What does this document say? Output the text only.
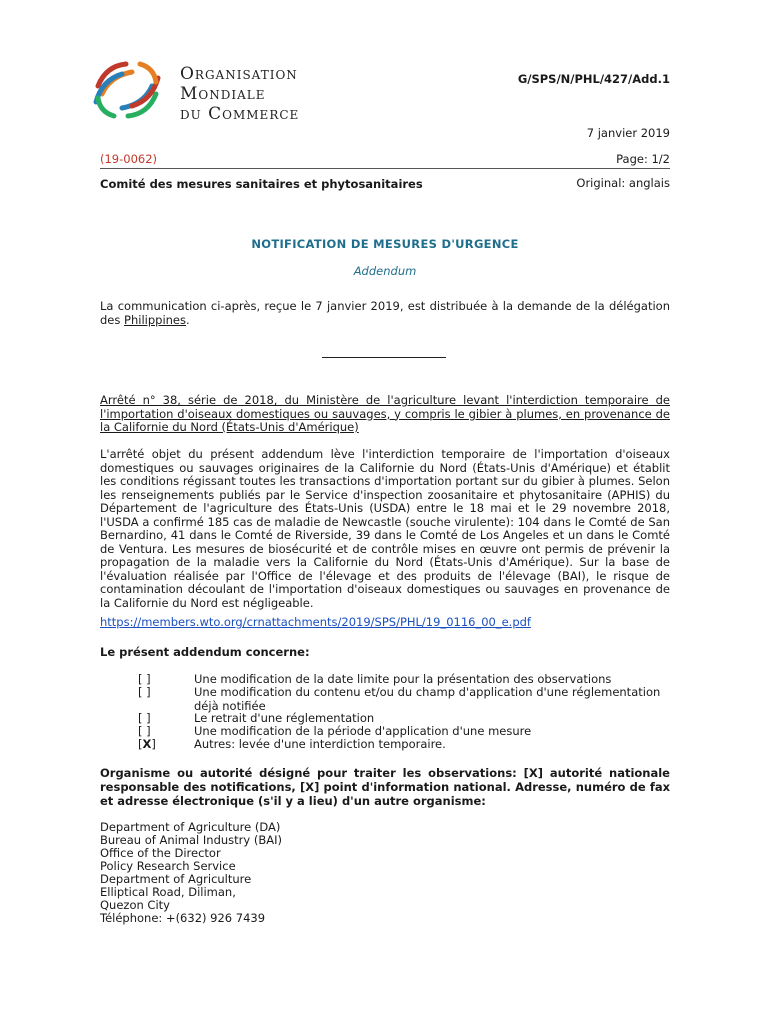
Organisation
Mondiale
du Commerce
G/SPS/N/PHL/427/Add.1
7 janvier 2019
(19-0062)	Page: 1/2
Comité des mesures sanitaires et phytosanitaires	Original: anglais
NOTIFICATION DE MESURES D'URGENCE
Addendum
La communication ci-après, reçue le 7 janvier 2019, est distribuée à la demande de la délégation des Philippines.
Arrêté n° 38, série de 2018, du Ministère de l'agriculture levant l'interdiction temporaire de l'importation d'oiseaux domestiques ou sauvages, y compris le gibier à plumes, en provenance de la Californie du Nord (États-Unis d'Amérique)
L'arrêté objet du présent addendum lève l'interdiction temporaire de l'importation d'oiseaux domestiques ou sauvages originaires de la Californie du Nord (États-Unis d'Amérique) et établit les conditions régissant toutes les transactions d'importation portant sur du gibier à plumes. Selon les renseignements publiés par le Service d'inspection zoosanitaire et phytosanitaire (APHIS) du Département de l'agriculture des États-Unis (USDA) entre le 18 mai et le 29 novembre 2018, l'USDA a confirmé 185 cas de maladie de Newcastle (souche virulente): 104 dans le Comté de San Bernardino, 41 dans le Comté de Riverside, 39 dans le Comté de Los Angeles et un dans le Comté de Ventura. Les mesures de biosécurité et de contrôle mises en œuvre ont permis de prévenir la propagation de la maladie vers la Californie du Nord (États-Unis d'Amérique). Sur la base de l'évaluation réalisée par l'Office de l'élevage et des produits de l'élevage (BAI), le risque de contamination découlant de l'importation d'oiseaux domestiques ou sauvages en provenance de la Californie du Nord est négligeable.
https://members.wto.org/crnattachments/2019/SPS/PHL/19_0116_00_e.pdf
Le présent addendum concerne:
[ ]	Une modification de la date limite pour la présentation des observations
[ ]	Une modification du contenu et/ou du champ d'application d'une réglementation déjà notifiée
[ ]	Le retrait d'une réglementation
[ ]	Une modification de la période d'application d'une mesure
[X]	Autres: levée d'une interdiction temporaire.
Organisme ou autorité désigné pour traiter les observations: [X] autorité nationale responsable des notifications, [X] point d'information national. Adresse, numéro de fax et adresse électronique (s'il y a lieu) d'un autre organisme:
Department of Agriculture (DA)
Bureau of Animal Industry (BAI)
Office of the Director
Policy Research Service
Department of Agriculture
Elliptical Road, Diliman,
Quezon City
Téléphone: +(632) 926 7439
